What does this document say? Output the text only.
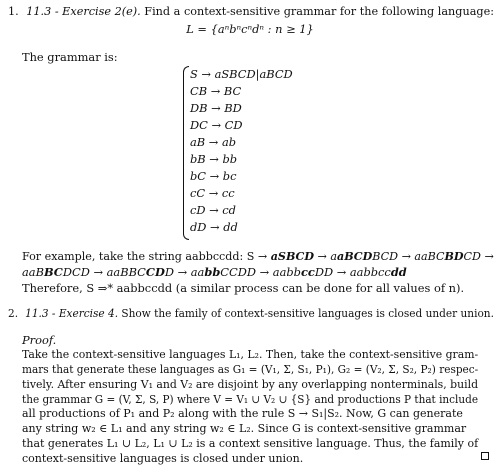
1. 11.3 - Exercise 2(e). Find a context-sensitive grammar for the following language:
L = {aⁿbⁿcⁿdⁿ : n ≥ 1}
The grammar is:
S → aSBCD|aBCD
CB → BC
DB → BD
DC → CD
aB → ab
bB → bb
bC → bc
cC → cc
cD → cd
dD → dd
For example, take the string aabbccdd: S → aSBCD → aaBCDBCD → aaBCBDCD →
aaBBCDCD → aaBBCCDD → aabbCCDD → aabbccDD → aabbccdd
Therefore, S ⇒* aabbccdd (a similar process can be done for all values of n).
2. 11.3 - Exercise 4. Show the family of context-sensitive languages is closed under union.
Proof.
Take the context-sensitive languages L₁, L₂. Then, take the context-sensitive gram-
mars that generate these languages as G₁ = (V₁, Σ, S₁, P₁), G₂ = (V₂, Σ, S₂, P₂) respec-
tively. After ensuring V₁ and V₂ are disjoint by any overlapping nonterminals, build
the grammar G = (V, Σ, S, P) where V = V₁ ∪ V₂ ∪ {S} and productions P that include
all productions of P₁ and P₂ along with the rule S → S₁|S₂. Now, G can generate
any string w₂ ∈ L₁ and any string w₂ ∈ L₂. Since G is context-sensitive grammar
that generates L₁ ∪ L₂, L₁ ∪ L₂ is a context sensitive language. Thus, the family of
context-sensitive languages is closed under union.
